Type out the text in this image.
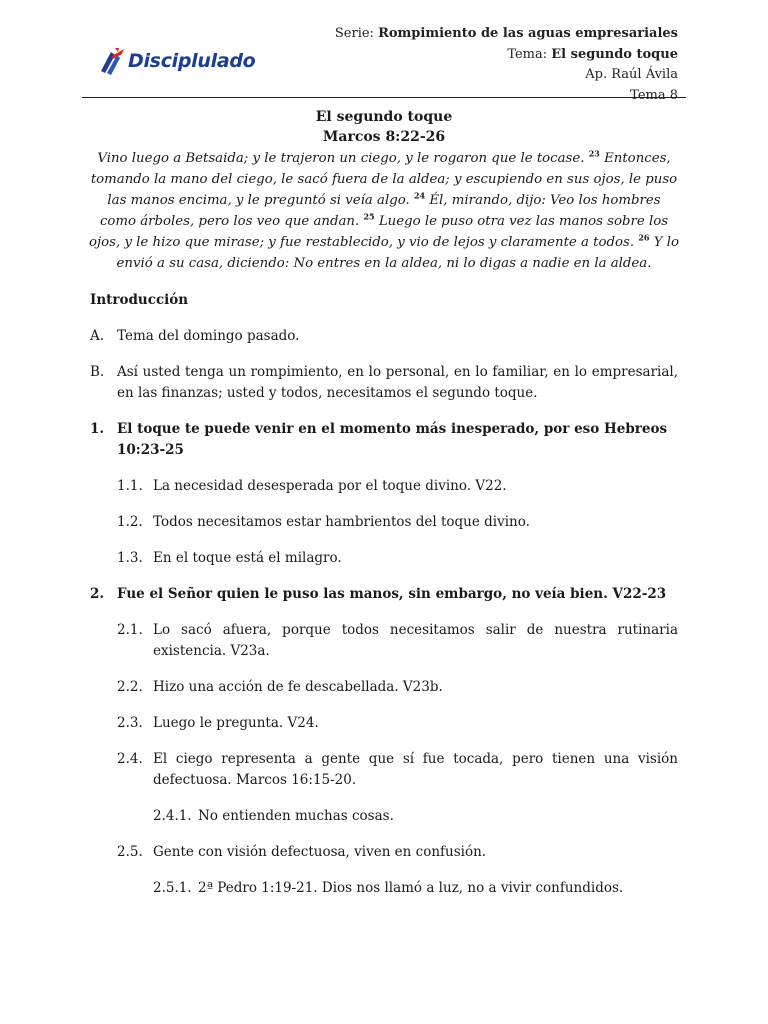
Disciplulado
Serie: Rompimiento de las aguas empresariales
Tema: El segundo toque
Ap. Raúl Ávila
Tema 8
El segundo toque
Marcos 8:22-26
Vino luego a Betsaida; y le trajeron un ciego, y le rogaron que le tocase. $^{23}$ Entonces, tomando la mano del ciego, le sacó fuera de la aldea; y escupiendo en sus ojos, le puso las manos encima, y le preguntó si veía algo. $^{24}$ Él, mirando, dijo: Veo los hombres como árboles, pero los veo que andan. $^{25}$ Luego le puso otra vez las manos sobre los ojos, y le hizo que mirase; y fue restablecido, y vio de lejos y claramente a todos. $^{26}$ Y lo envió a su casa, diciendo: No entres en la aldea, ni lo digas a nadie en la aldea.
Introducción
A. Tema del domingo pasado.
B. Así usted tenga un rompimiento, en lo personal, en lo familiar, en lo empresarial, en las finanzas; usted y todos, necesitamos el segundo toque.
1. El toque te puede venir en el momento más inesperado, por eso Hebreos 10:23-25
1.1. La necesidad desesperada por el toque divino. V22.
1.2. Todos necesitamos estar hambrientos del toque divino.
1.3. En el toque está el milagro.
2. Fue el Señor quien le puso las manos, sin embargo, no veía bien. V22-23
2.1. Lo sacó afuera, porque todos necesitamos salir de nuestra rutinaria existencia. V23a.
2.2. Hizo una acción de fe descabellada. V23b.
2.3. Luego le pregunta. V24.
2.4. El ciego representa a gente que sí fue tocada, pero tienen una visión defectuosa. Marcos 16:15-20.
2.4.1. No entienden muchas cosas.
2.5. Gente con visión defectuosa, viven en confusión.
2.5.1. 2ª Pedro 1:19-21. Dios nos llamó a luz, no a vivir confundidos.
